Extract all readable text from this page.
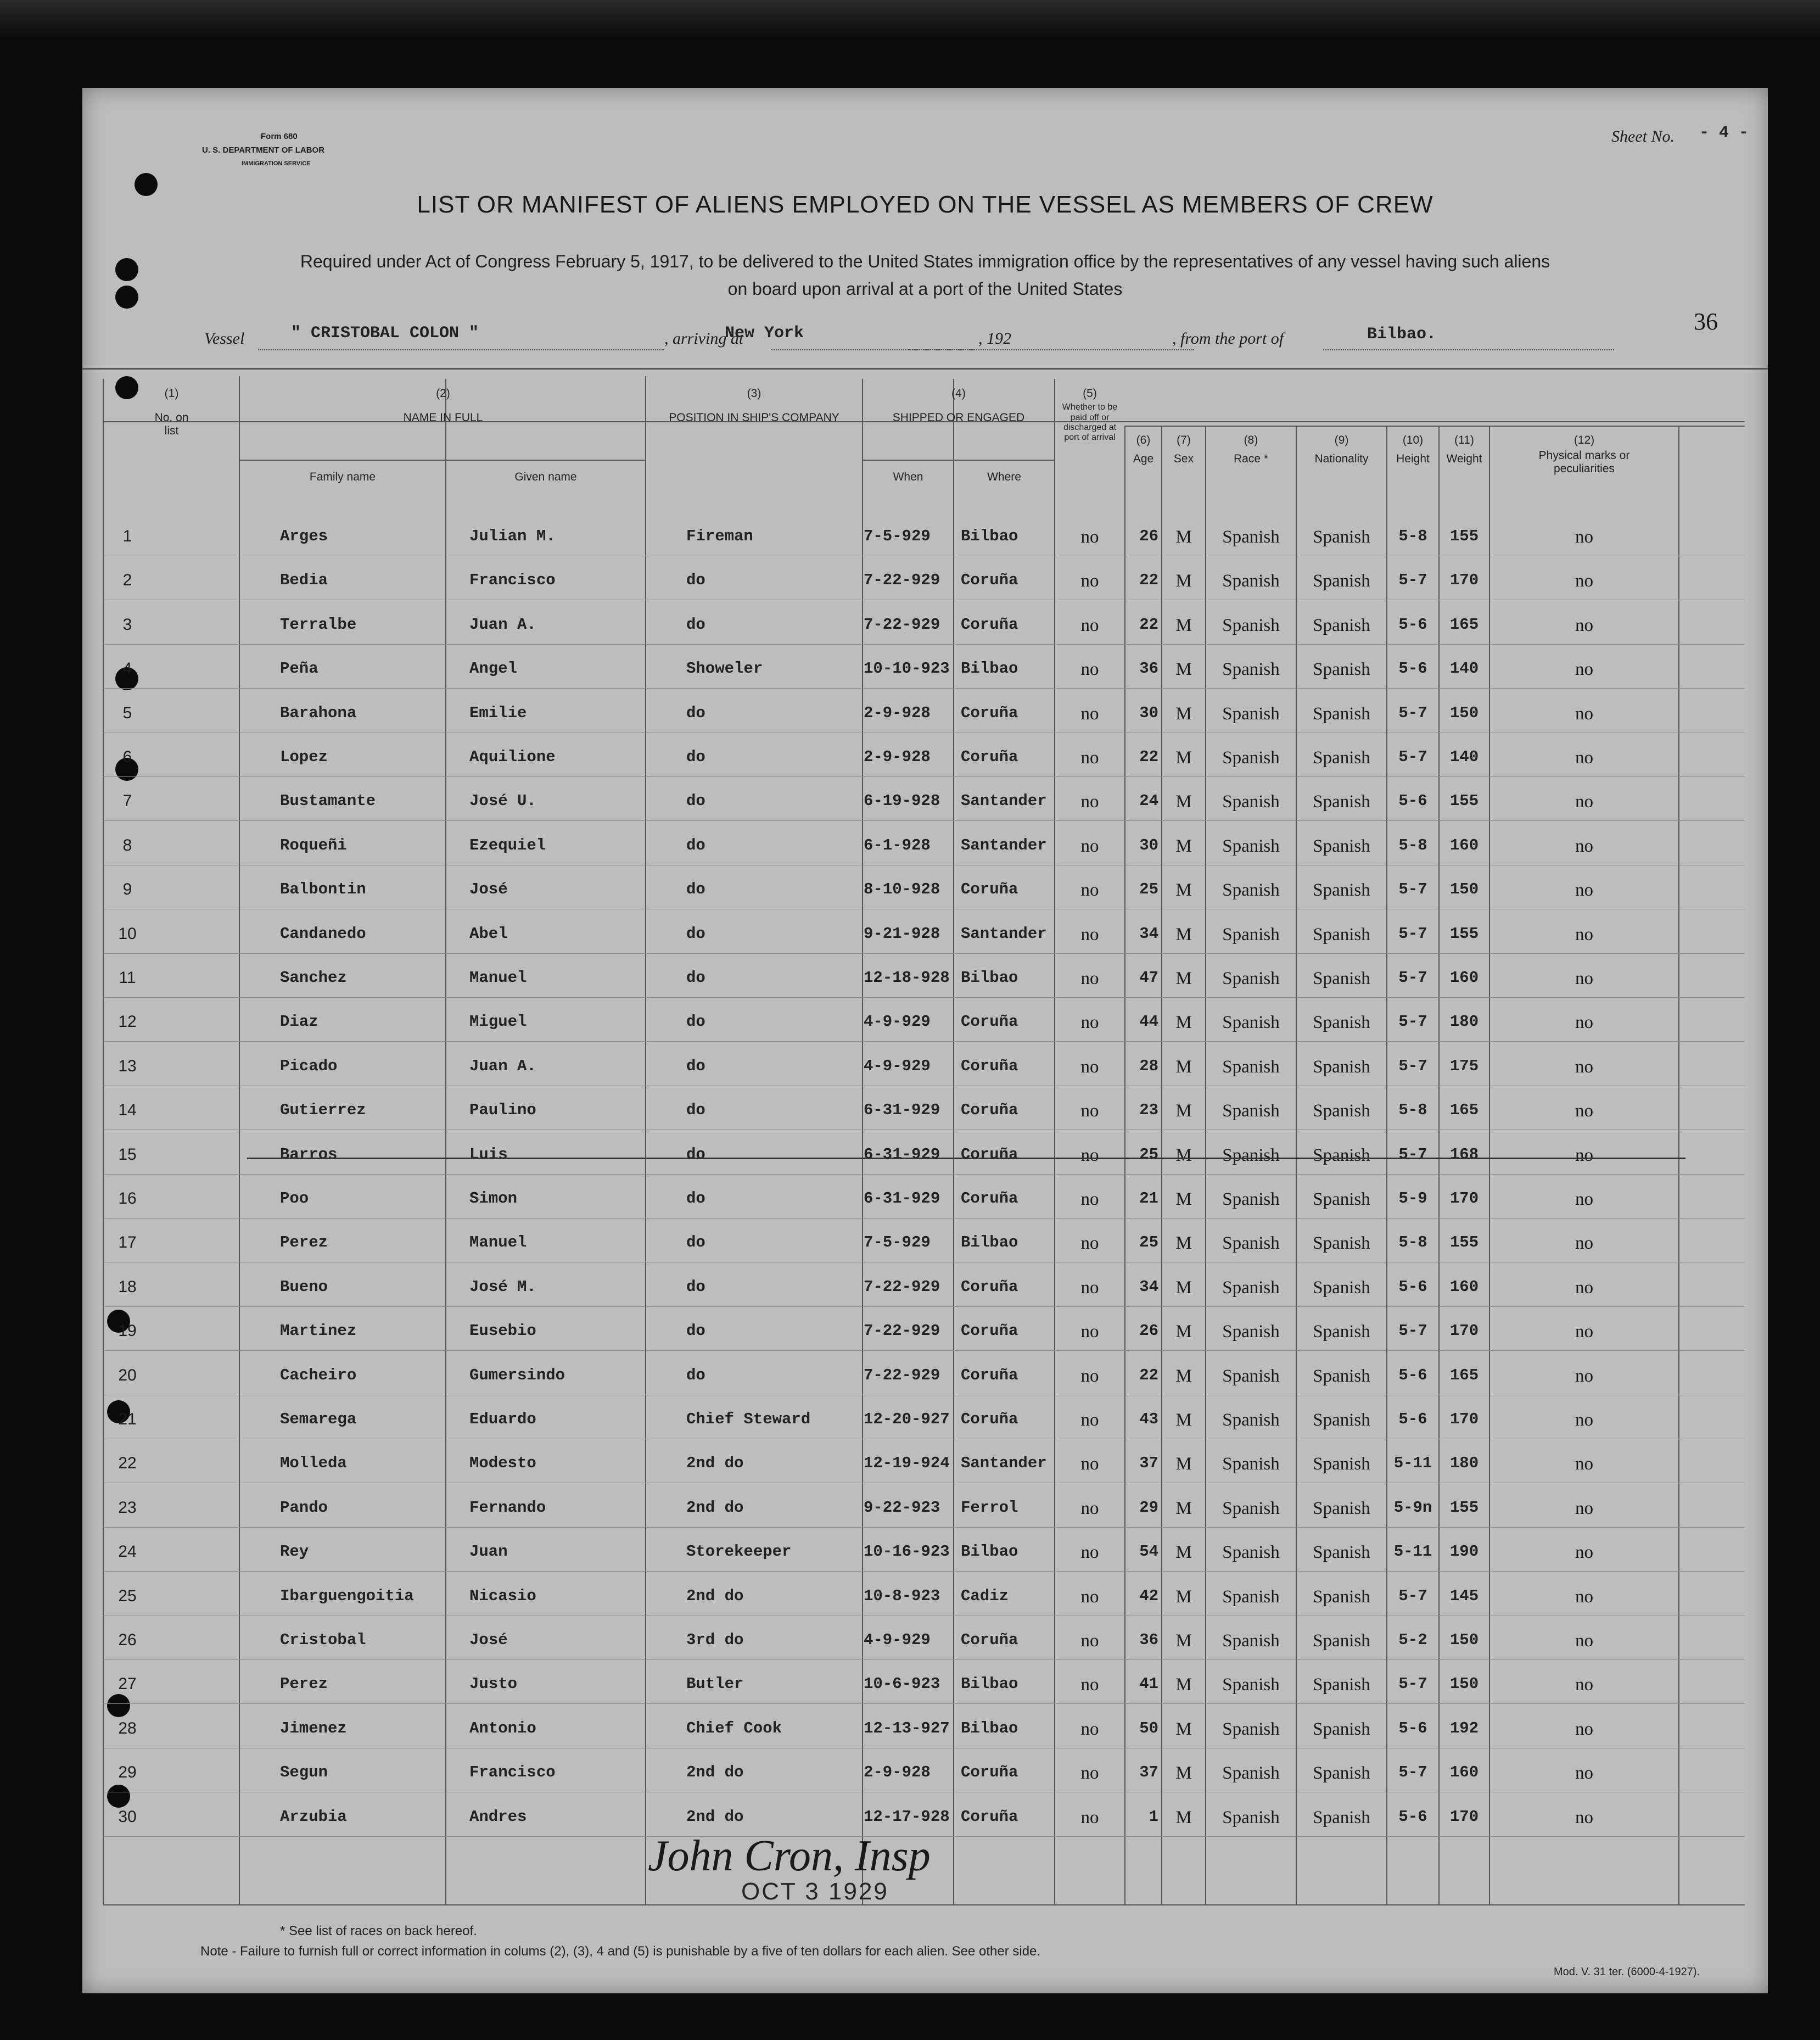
Form 680
U. S. DEPARTMENT OF LABOR
IMMIGRATION SERVICE
Sheet No. - 4 -
LIST OR MANIFEST OF ALIENS EMPLOYED ON THE VESSEL AS MEMBERS OF CREW
Required under Act of Congress February 5, 1917, to be delivered to the United States immigration office by the representatives of any vessel having such aliens
on board upon arrival at a port of the United States
36
Vessel	" CRISTOBAL COLON "	, arriving at
New York	, 192	, from the port of	Bilbao.
(1)
No. on list
(2)
NAME IN FULL
Family name	Given name
(3)
POSITION IN SHIP'S COMPANY
(4)
SHIPPED OR ENGAGED
When	Where
(5)
Whether to be paid off or discharged at port of arrival	(6)
Age
(7)
Sex
(8)
Race *
(9)
Nationality
(10)
Height
(11)
Weight
(12)
Physical marks or peculiarities
1	Arges	Julian M.	Fireman	7-5-929	Bilbao	no	26 M	Spanish	Spanish	5-8	155	no
2	Bedia	Francisco	do	7-22-929	Coruña	no	22 M	Spanish	Spanish	5-7	170	no
3	Terralbe	Juan A.	do	7-22-929	Coruña	no	22 M	Spanish	Spanish	5-6	165	no
4	Peña	Angel	Showeler	10-10-923 Bilbao	no	36 M	Spanish	Spanish	5-6	140	no
5	Barahona	Emilie	do	2-9-928	Coruña	no	30 M	Spanish	Spanish	5-7	150	no
6	Lopez	Aquilione	do	2-9-928	Coruña	no	22 M	Spanish	Spanish	5-7	140	no
7	Bustamante	José U.	do	6-19-928	Santander	no	24 M	Spanish	Spanish	5-6	155	no
8	Roqueñi	Ezequiel	do	6-1-928	Santander	no	30 M	Spanish	Spanish	5-8	160	no
9	Balbontin	José	do	8-10-928	Coruña	no	25 M	Spanish	Spanish	5-7	150	no
10	Candanedo	Abel	do	9-21-928	Santander	no	34 M	Spanish	Spanish	5-7	155	no
11	Sanchez	Manuel	do	12-18-928 Bilbao	no	47 M	Spanish	Spanish	5-7	160	no
12	Diaz	Miguel	do	4-9-929	Coruña	no	44 M	Spanish	Spanish	5-7	180	no
13	Picado	Juan A.	do	4-9-929	Coruña	no	28 M	Spanish	Spanish	5-7	175	no
14	Gutierrez	Paulino	do	6-31-929	Coruña	no	23 M	Spanish	Spanish	5-8	165	no
15	Barros	Luis	do	6-31-929	Coruña	no	25 M	Spanish	Spanish	5-7	168	no
16	Poo	Simon	do	6-31-929	Coruña	no	21 M	Spanish	Spanish	5-9	170	no
17	Perez	Manuel	do	7-5-929	Bilbao	no	25 M	Spanish	Spanish	5-8	155	no
18	Bueno	José M.	do	7-22-929	Coruña	no	34 M	Spanish	Spanish	5-6	160	no
19	Martinez	Eusebio	do	7-22-929	Coruña	no	26 M	Spanish	Spanish	5-7	170	no
20	Cacheiro	Gumersindo	do	7-22-929	Coruña	no	22 M	Spanish	Spanish	5-6	165	no
21	Semarega	Eduardo	Chief Steward	12-20-927 Coruña	no	43 M	Spanish	Spanish	5-6	170	no
22	Molleda	Modesto	2nd do	12-19-924 Santander	no	37 M	Spanish	Spanish	5-11	180	no
23	Pando	Fernando	2nd do	9-22-923	Ferrol	no	29 M	Spanish	Spanish	5-9n	155	no
24	Rey	Juan	Storekeeper	10-16-923 Bilbao	no	54 M	Spanish	Spanish	5-11	190	no
25	Ibarguengoitia	Nicasio	2nd do	10-8-923	Cadiz	no	42 M	Spanish	Spanish	5-7	145	no
26	Cristobal	José	3rd do	4-9-929	Coruña	no	36 M	Spanish	Spanish	5-2	150	no
27	Perez	Justo	Butler	10-6-923	Bilbao	no	41 M	Spanish	Spanish	5-7	150	no
28	Jimenez	Antonio	Chief Cook	12-13-927 Bilbao	no	50 M	Spanish	Spanish	5-6	192	no
29	Segun	Francisco	2nd do	2-9-928	Coruña	no	37 M	Spanish	Spanish	5-7	160	no
30	Arzubia	Andres	2nd do	12-17-928 Coruña	no	1 M	Spanish	Spanish	5-6	170	no
John Cron, Insp
OCT 3 1929
* See list of races on back hereof.
Note - Failure to furnish full or correct information in colums (2), (3), 4 and (5) is punishable by a five of ten dollars for each alien. See other side.
Mod. V. 31 ter. (6000-4-1927).
